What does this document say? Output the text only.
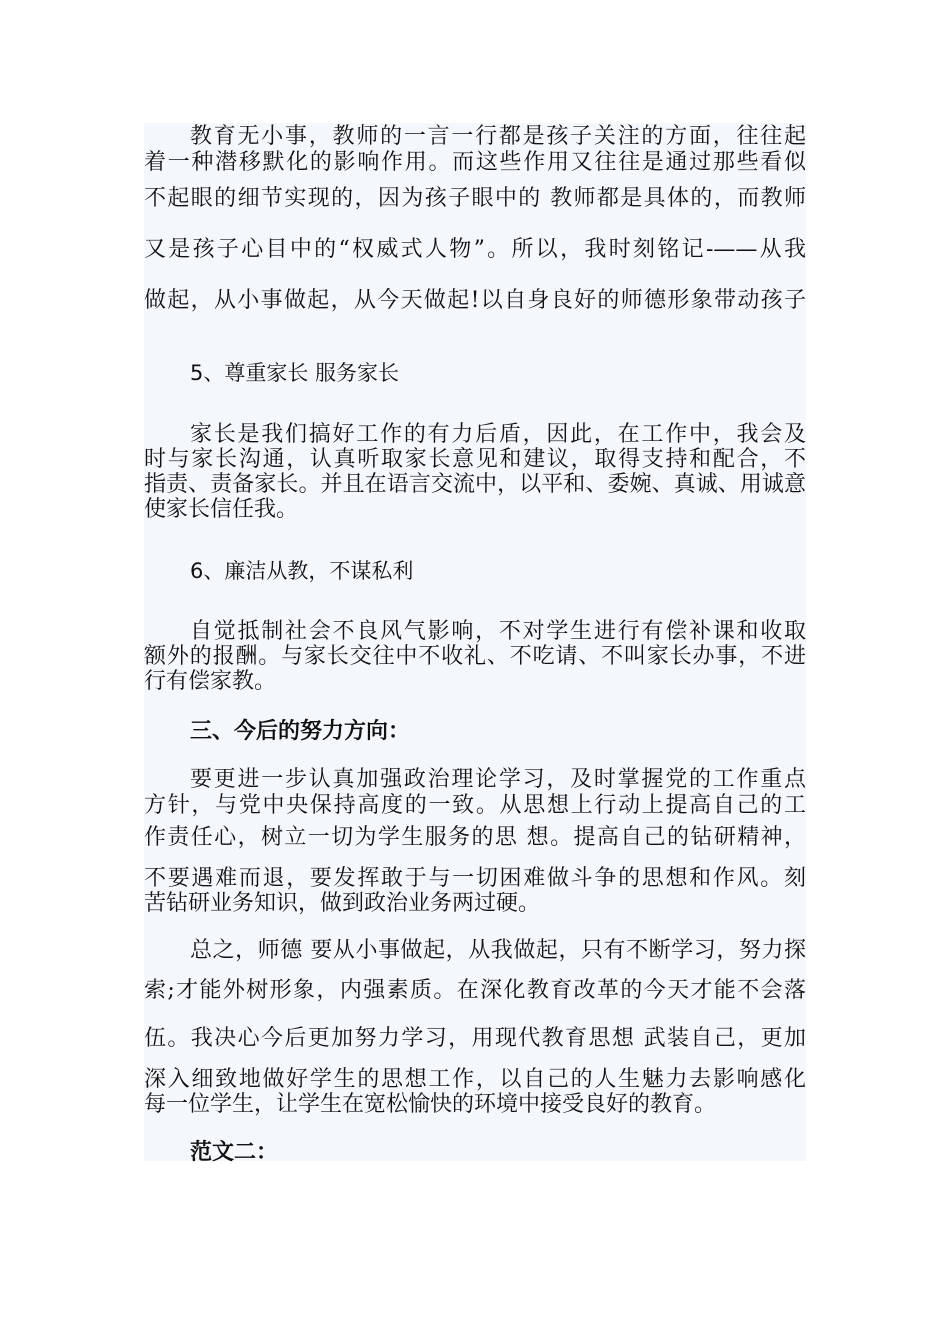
教育无小事，教师的一言一行都是孩子关注的方面，往往起
着一种潜移默化的影响作用。而这些作用又往往是通过那些看似
不起眼的细节实现的，因为孩子眼中的 教师都是具体的，而教师
又是孩子心目中的“权威式人物”。所以，我时刻铭记-——从我
做起，从小事做起，从今天做起!以自身良好的师德形象带动孩子
5、尊重家长 服务家长
家长是我们搞好工作的有力后盾，因此，在工作中，我会及
时与家长沟通，认真听取家长意见和建议，取得支持和配合，不
指责、责备家长。并且在语言交流中，以平和、委婉、真诚、用诚意
使家长信任我。
6、廉洁从教，不谋私利
自觉抵制社会不良风气影响，不对学生进行有偿补课和收取
额外的报酬。与家长交往中不收礼、不吃请、不叫家长办事，不进
行有偿家教。
三、今后的努力方向：
要更进一步认真加强政治理论学习，及时掌握党的工作重点
方针，与党中央保持高度的一致。从思想上行动上提高自己的工
作责任心，树立一切为学生服务的思 想。提高自己的钻研精神，
不要遇难而退，要发挥敢于与一切困难做斗争的思想和作风。刻
苦钻研业务知识，做到政治业务两过硬。
总之，师德 要从小事做起，从我做起，只有不断学习，努力探
索;才能外树形象，内强素质。在深化教育改革的今天才能不会落
伍。我决心今后更加努力学习，用现代教育思想 武装自己，更加
深入细致地做好学生的思想工作，以自己的人生魅力去影响感化
每一位学生，让学生在宽松愉快的环境中接受良好的教育。
范文二：
